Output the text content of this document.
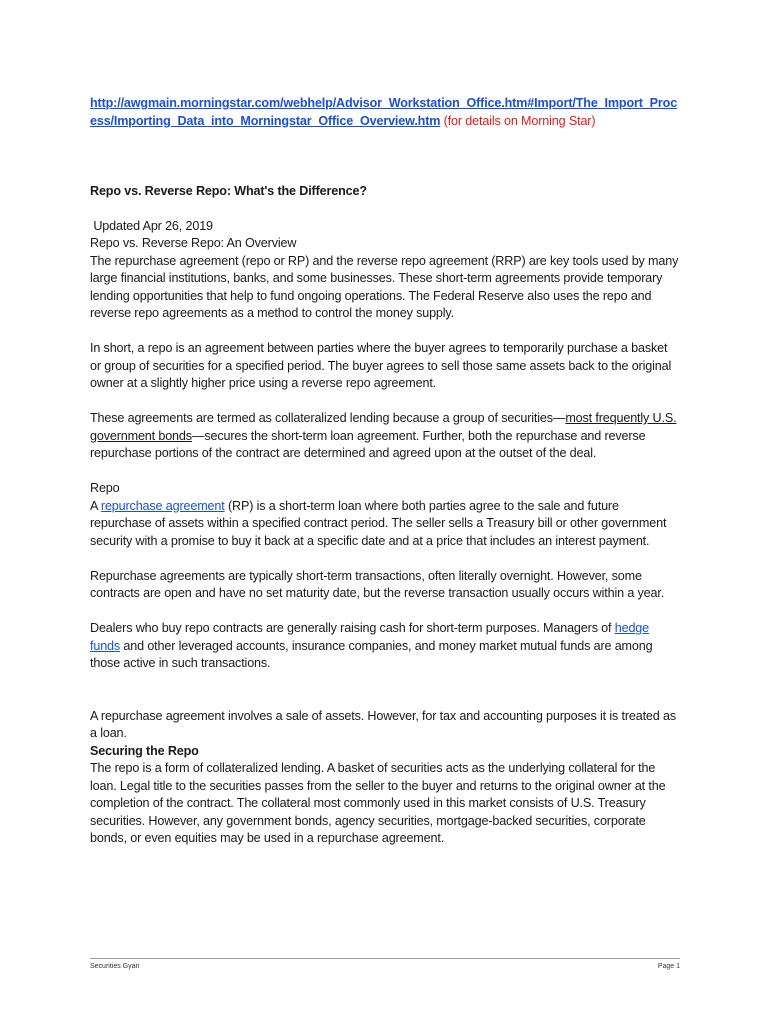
http://awgmain.morningstar.com/webhelp/Advisor_Workstation_Office.htm#Import/The_Import_Proc
ess/Importing_Data_into_Morningstar_Office_Overview.htm (for details on Morning Star)

Repo vs. Reverse Repo: What's the Difference?

Updated Apr 26, 2019

Repo vs. Reverse Repo: An Overview

The repurchase agreement (repo or RP) and the reverse repo agreement (RRP) are key tools used by many large financial institutions, banks, and some businesses. These short-term agreements provide temporary lending opportunities that help to fund ongoing operations. The Federal Reserve also uses the repo and reverse repo agreements as a method to control the money supply.

In short, a repo is an agreement between parties where the buyer agrees to temporarily purchase a basket or group of securities for a specified period. The buyer agrees to sell those same assets back to the original owner at a slightly higher price using a reverse repo agreement.

These agreements are termed as collateralized lending because a group of securities—most frequently U.S. government bonds—secures the short-term loan agreement. Further, both the repurchase and reverse repurchase portions of the contract are determined and agreed upon at the outset of the deal.

Repo

A repurchase agreement (RP) is a short-term loan where both parties agree to the sale and future repurchase of assets within a specified contract period. The seller sells a Treasury bill or other government security with a promise to buy it back at a specific date and at a price that includes an interest payment.

Repurchase agreements are typically short-term transactions, often literally overnight. However, some contracts are open and have no set maturity date, but the reverse transaction usually occurs within a year.

Dealers who buy repo contracts are generally raising cash for short-term purposes. Managers of hedge funds and other leveraged accounts, insurance companies, and money market mutual funds are among those active in such transactions.

A repurchase agreement involves a sale of assets. However, for tax and accounting purposes it is treated as a loan.

Securing the Repo

The repo is a form of collateralized lending. A basket of securities acts as the underlying collateral for the loan. Legal title to the securities passes from the seller to the buyer and returns to the original owner at the completion of the contract. The collateral most commonly used in this market consists of U.S. Treasury securities. However, any government bonds, agency securities, mortgage-backed securities, corporate bonds, or even equities may be used in a repurchase agreement.

Securities Gyan	Page 1
